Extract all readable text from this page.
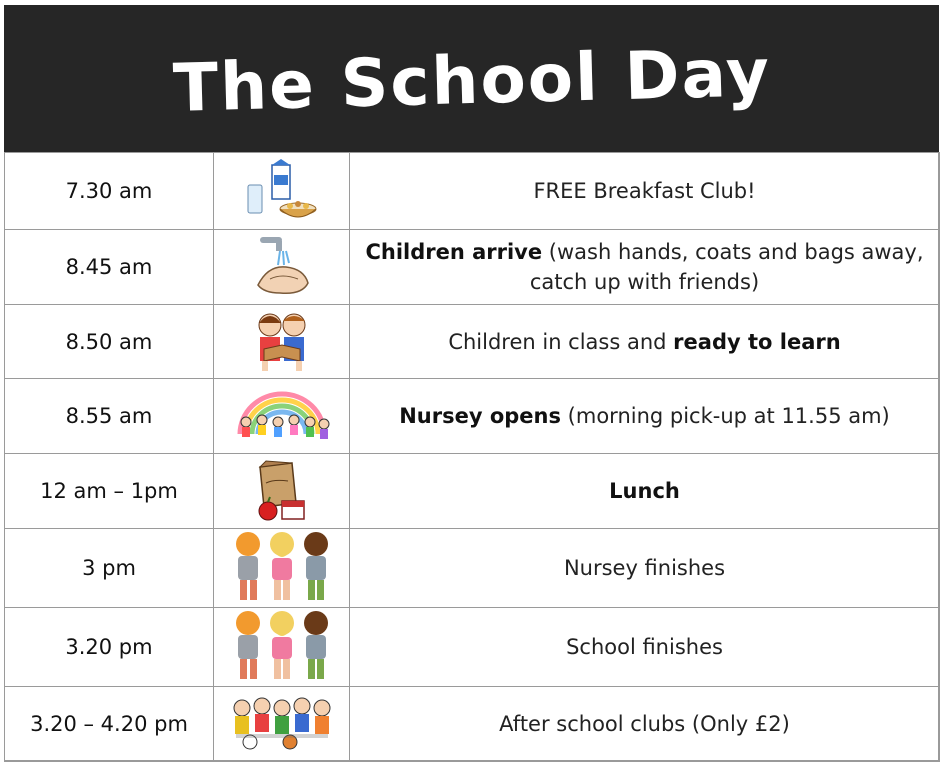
The School Day
7.30 am		FREE Breakfast Club!
8.45 am		Children arrive (wash hands, coats and bags away, catch up with friends)
8.50 am		Children in class and ready to learn
8.55 am		Nursey opens (morning pick-up at 11.55 am)
12 am – 1pm		Lunch
3 pm		Nursey finishes
3.20 pm		School finishes
3.20 – 4.20 pm		After school clubs (Only £2)
